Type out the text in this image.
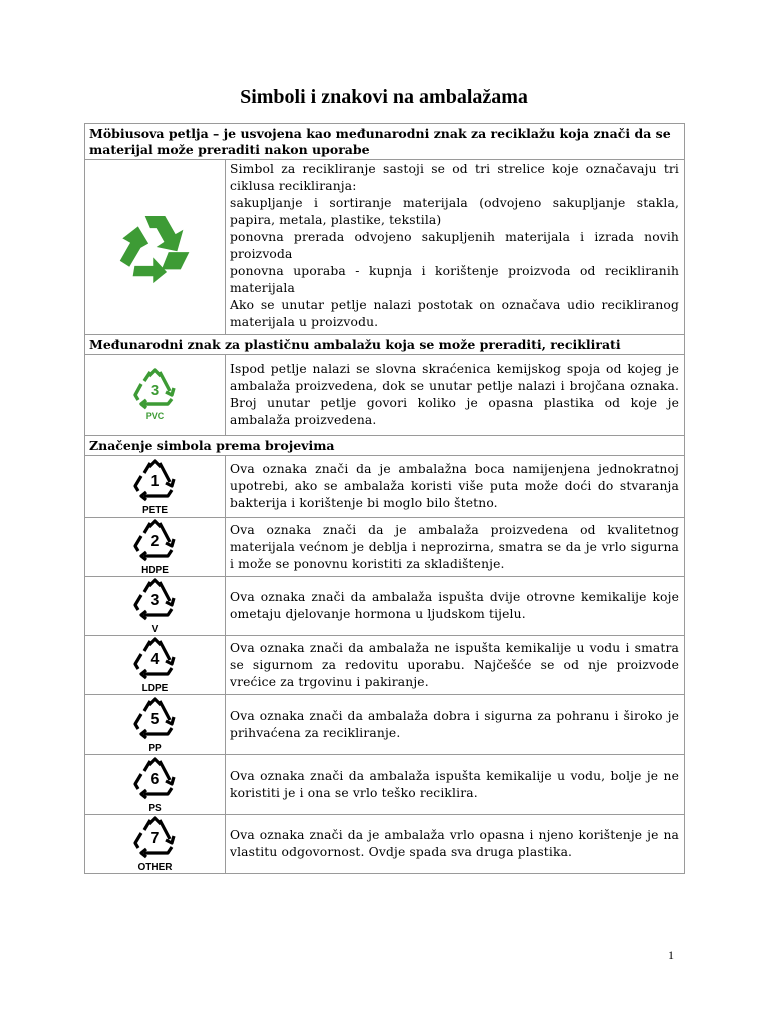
Simboli i znakovi na ambalažama
Möbiusova petlja – je usvojena kao međunarodni znak za reciklažu koja znači da se materijal može preraditi nakon uporabe	

Simbol za recikliranje sastoji se od tri strelice koje označavaju tri ciklusa recikliranja:

sakupljanje i sortiranje materijala (odvojeno sakupljanje stakla, papira, metala, plastike, tekstila)

ponovna prerada odvojeno sakupljenih materijala i izrada novih proizvoda

ponovna uporaba - kupnja i korištenje proizvoda od recikliranih materijala

Ako se unutar petlje nalazi postotak on označava udio recikliranog materijala u proizvodu.

Međunarodni znak za plastičnu ambalažu koja se može preraditi, reciklirati	

3
PVC	Ispod petlje nalazi se slovna skraćenica kemijskog spoja od kojeg je ambalaža proizvedena, dok se unutar petlje nalazi i brojčana oznaka. Broj unutar petlje govori koliko je opasna plastika od koje je ambalaža proizvedena.
Značenje simbola prema brojevima	

1
PETE	Ova oznaka znači da je ambalažna boca namijenjena jednokratnoj upotrebi, ako se ambalaža koristi više puta može doći do stvaranja bakterija i korištenje bi moglo bilo štetno.

2
HDPE	Ova oznaka znači da je ambalaža proizvedena od kvalitetnog materijala većnom je deblja i neprozirna, smatra se da je vrlo sigurna i može se ponovnu koristiti za skladištenje.

3
V	Ova oznaka znači da ambalaža ispušta dvije otrovne kemikalije koje ometaju djelovanje hormona u ljudskom tijelu.

4
LDPE	Ova oznaka znači da ambalaža ne ispušta kemikalije u vodu i smatra se sigurnom za redovitu uporabu. Najčešće se od nje proizvode vrećice za trgovinu i pakiranje.

5
PP	Ova oznaka znači da ambalaža dobra i sigurna za pohranu i široko je prihvaćena za recikliranje.

6
PS	Ova oznaka znači da ambalaža ispušta kemikalije u vodu, bolje je ne koristiti je i ona se vrlo teško reciklira.

7
OTHER	Ova oznaka znači da je ambalaža vrlo opasna i njeno korištenje je na vlastitu odgovornost. Ovdje spada sva druga plastika.
1
